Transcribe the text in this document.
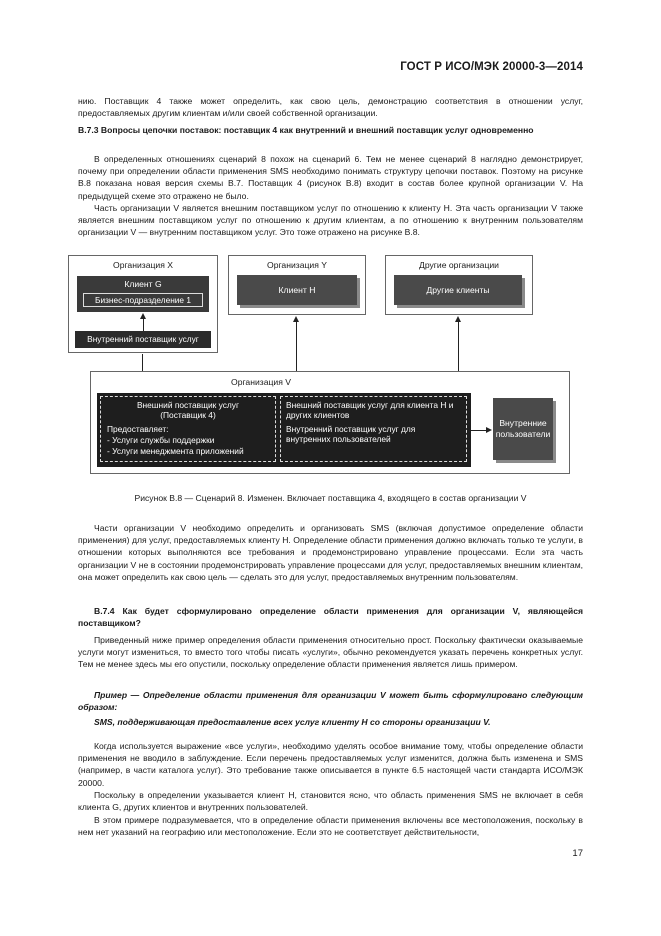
ГОСТ Р ИСО/МЭК 20000-3—2014
нию. Поставщик 4 также может определить, как свою цель, демонстрацию соответствия в отношении услуг, предоставляемых другим клиентам и/или своей собственной организации.
В.7.3 Вопросы цепочки поставок: поставщик 4 как внутренний и внешний поставщик услуг одновременно
В определенных отношениях сценарий 8 похож на сценарий 6. Тем не менее сценарий 8 наглядно демонстрирует, почему при определении области применения SMS необходимо понимать структуру цепочки поставок. Поэтому на рисунке В.8 показана новая версия схемы В.7. Поставщик 4 (рисунок В.8) входит в состав более крупной организации V. На предыдущей схеме это отражено не было.
Часть организации V является внешним поставщиком услуг по отношению к клиенту Н. Эта часть организации V также является внешним поставщиком услуг по отношению к другим клиентам, а по отношению к внутренним пользователям организации V — внутренним поставщиком услуг. Это тоже отражено на рисунке В.8.
Организация Х
Клиент G
Бизнес-подразделение 1
Внутренний поставщик услуг
Организация Y
Клиент Н
Другие организации
Другие клиенты
Организация V
Внешний поставщик услуг
(Поставщик 4)
Предоставляет:
- Услуги службы поддержки
- Услуги менеджмента приложений
Внешний поставщик услуг для клиента Н и других клиентов
Внутренний поставщик услуг для внутренних пользователей
Внутренние пользователи
Рисунок В.8 — Сценарий 8. Изменен. Включает поставщика 4, входящего в состав организации V
Части организации V необходимо определить и организовать SMS (включая допустимое определение области применения) для услуг, предоставляемых клиенту Н. Определение области применения должно включать только те услуги, в отношении которых выполняются все требования и продемонстрировано управление процессами. Если эта часть организации V не в состоянии продемонстрировать управление процессами для услуг, предоставляемых внешним клиентам, она может определить как свою цель — сделать это для услуг, предоставляемых внутренним пользователям.
В.7.4 Как будет сформулировано определение области применения для организации V, являющейся поставщиком?
Приведенный ниже пример определения области применения относительно прост. Поскольку фактически оказываемые услуги могут измениться, то вместо того чтобы писать «услуги», обычно рекомендуется указать перечень конкретных услуг. Тем не менее здесь мы его опустили, поскольку определение области применения является лишь примером.
Пример — Определение области применения для организации V может быть сформулировано следующим образом:
SMS, поддерживающая предоставление всех услуг клиенту Н со стороны организации V.
Когда используется выражение «все услуги», необходимо уделять особое внимание тому, чтобы определение области применения не вводило в заблуждение. Если перечень предоставляемых услуг изменится, должна быть изменена и SMS (например, в части каталога услуг). Это требование также описывается в пункте 6.5 настоящей части стандарта ИСО/МЭК 20000.
Поскольку в определении указывается клиент Н, становится ясно, что область применения SMS не включает в себя клиента G, других клиентов и внутренних пользователей.
В этом примере подразумевается, что в определение области применения включены все местоположения, поскольку в нем нет указаний на географию или местоположение. Если это не соответствует действительности,
17
